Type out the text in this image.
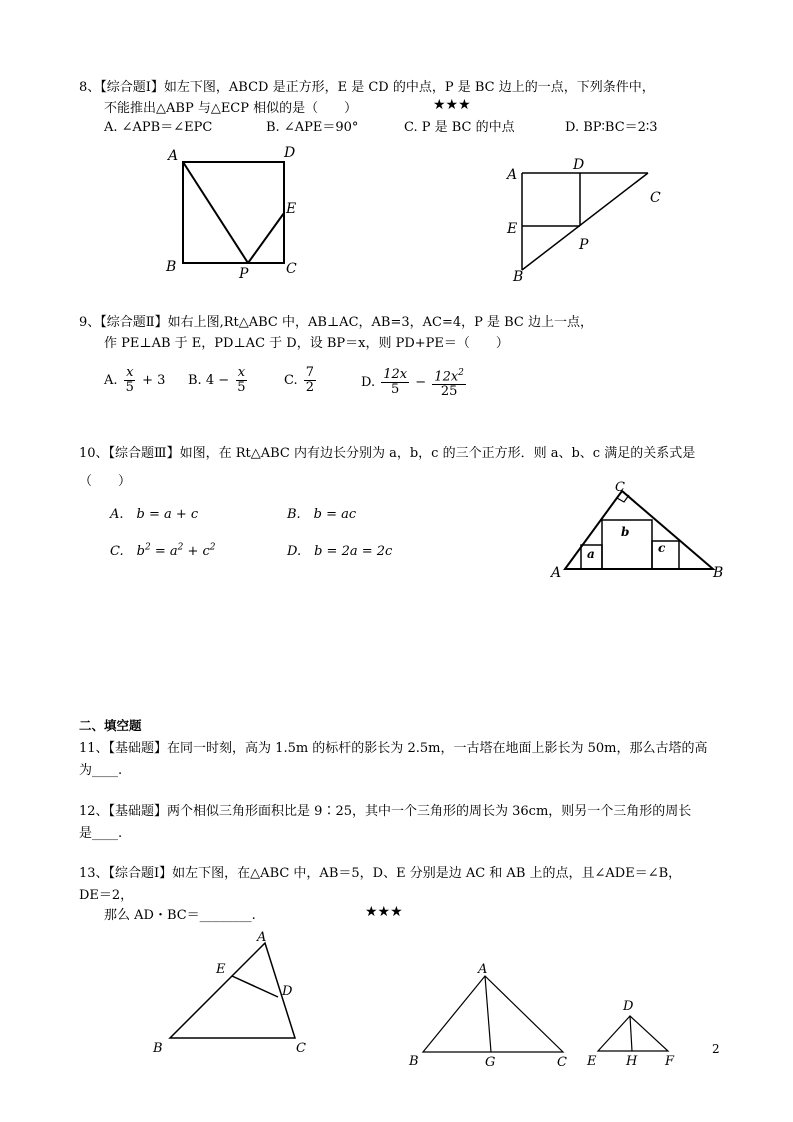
8、【综合题Ⅰ】如左下图，ABCD 是正方形，E 是 CD 的中点，P 是 BC 边上的一点，下列条件中，
不能推出△ABP 与△ECP 相似的是（　　）	★★★
A. ∠APB＝∠EPC	B. ∠APE＝90°	C. P 是 BC 的中点	D. BP∶BC＝2∶3
A	D
E
B	P	C
A
D
C
E
P
B
9、【综合题Ⅱ】如右上图,Rt△ABC 中，AB⊥AC，AB=3，AC=4，P 是 BC 边上一点，
作 PE⊥AB 于 E，PD⊥AC 于 D，设 BP＝x，则 PD+PE＝（　　）
A. $\frac{x}{5} + 3$ B. $4 - \frac{x}{5}$	C. $\frac{7}{2}$	D. $\frac{12x}{5} - \frac{12x^2}{25}$
10、【综合题Ⅲ】如图，在 Rt△ABC 内有边长分别为 a，b，c 的三个正方形．则 a、b、c 满足的关系式是
（　　）
A.　b = a + c	B.　b = ac
C.　$b^2 = a^2 + c^2$	D.　b = 2a = 2c
C
b
a	c
A	B
二、填空题
11、【基础题】在同一时刻，高为 1.5m 的标杆的影长为 2.5m，一古塔在地面上影长为 50m，那么古塔的高
为____.
12、【基础题】两个相似三角形面积比是 9∶25，其中一个三角形的周长为 36cm，则另一个三角形的周长
是____.
13、【综合题Ⅰ】如左下图，在△ABC 中，AB＝5，D、E 分别是边 AC 和 AB 上的点，且∠ADE＝∠B，
DE＝2，
那么 AD・BC＝________.	★★★
A
E
D
B	C
A
B	G	C
D
E H F
2
